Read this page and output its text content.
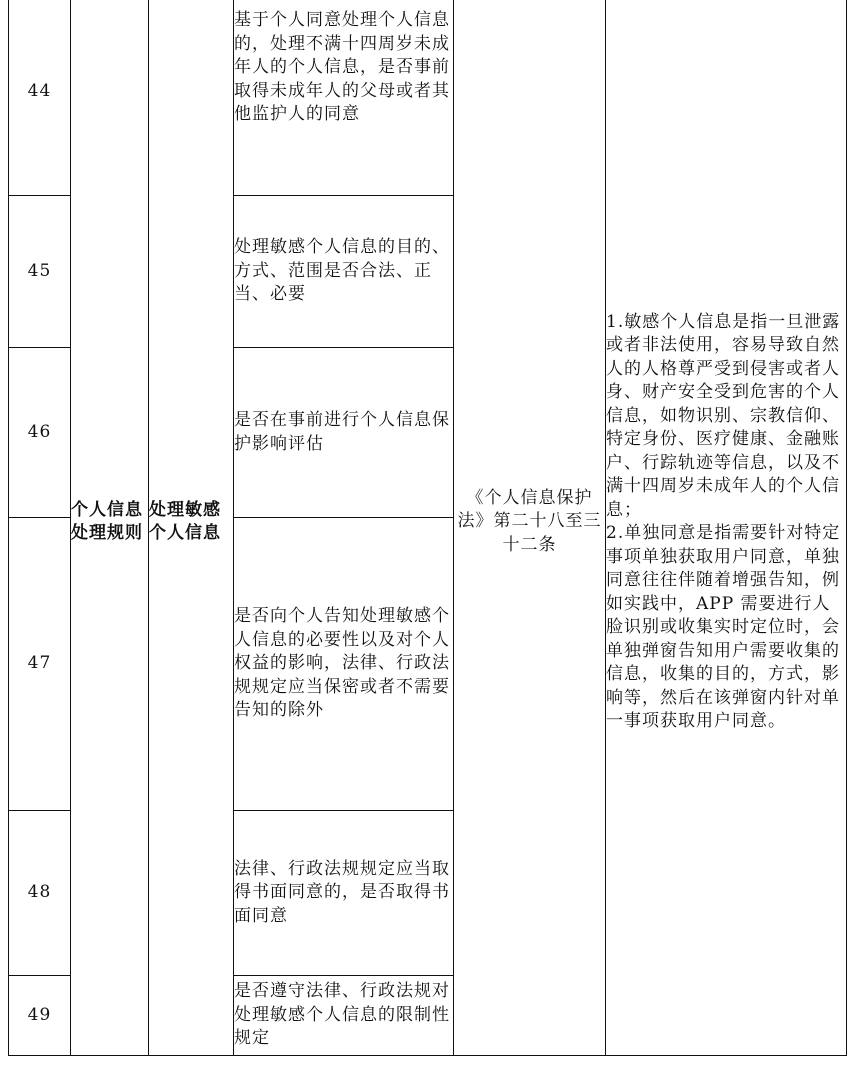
44	个人信息处理规则	处理敏感个人信息	基于个人同意处理个人信息的，处理不满十四周岁未成年人的个人信息，是否事前取得未成年人的父母或者其他监护人的同意	《个人信息保护法》第二十八至三十二条	1.敏感个人信息是指一旦泄露或者非法使用，容易导致自然人的人格尊严受到侵害或者人身、财产安全受到危害的个人信息，如物识别、宗教信仰、特定身份、医疗健康、金融账户、行踪轨迹等信息，以及不满十四周岁未成年人的个人信息；
2.单独同意是指需要针对特定事项单独获取用户同意，单独同意往往伴随着增强告知，例如实践中，APP 需要进行人脸识别或收集实时定位时，会单独弹窗告知用户需要收集的信息，收集的目的，方式，影响等，然后在该弹窗内针对单一事项获取用户同意。

45			处理敏感个人信息的目的、方式、范围是否合法、正当、必要		
46			是否在事前进行个人信息保护影响评估		
47			是否向个人告知处理敏感个人信息的必要性以及对个人权益的影响，法律、行政法规规定应当保密或者不需要告知的除外		
48			法律、行政法规规定应当取得书面同意的，是否取得书面同意		
49			是否遵守法律、行政法规对处理敏感个人信息的限制性规定		
